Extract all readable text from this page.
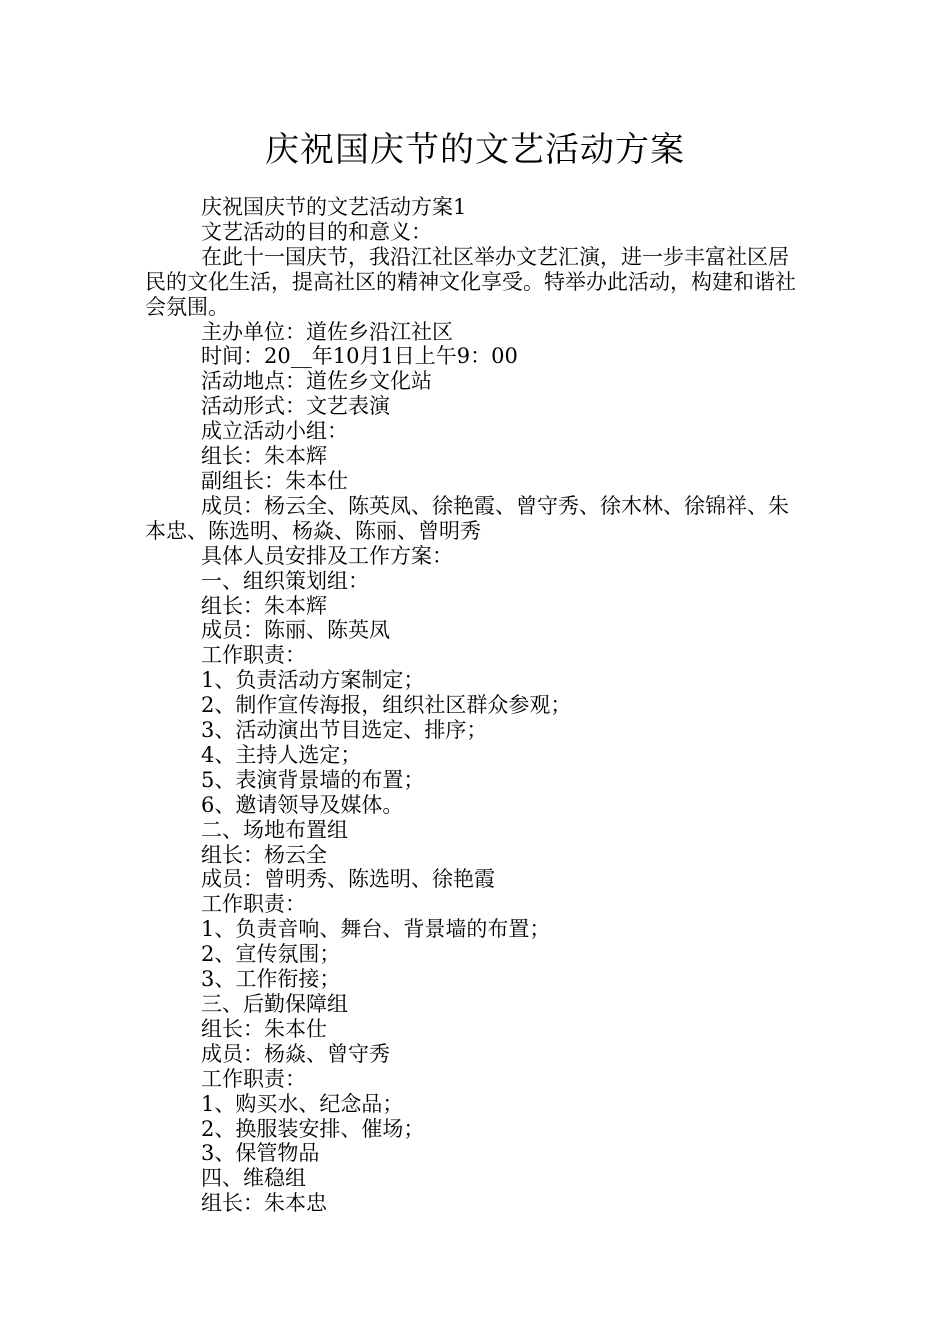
庆祝国庆节的文艺活动方案

庆祝国庆节的文艺活动方案1

文艺活动的目的和意义：

在此十一国庆节，我沿江社区举办文艺汇演，进一步丰富社区居民的文化生活，提高社区的精神文化享受。特举办此活动，构建和谐社会氛围。

主办单位：道佐乡沿江社区

时间：20__年10月1日上午9：00

活动地点：道佐乡文化站

活动形式：文艺表演

成立活动小组：

组长：朱本辉

副组长：朱本仕

成员：杨云全、陈英凤、徐艳霞、曾守秀、徐木林、徐锦祥、朱本忠、陈选明、杨焱、陈丽、曾明秀

具体人员安排及工作方案：

一、组织策划组：

组长：朱本辉

成员：陈丽、陈英凤

工作职责：

1、负责活动方案制定；

2、制作宣传海报，组织社区群众参观；

3、活动演出节目选定、排序；

4、主持人选定；

5、表演背景墙的布置；

6、邀请领导及媒体。

二、场地布置组

组长：杨云全

成员：曾明秀、陈选明、徐艳霞

工作职责：

1、负责音响、舞台、背景墙的布置；

2、宣传氛围；

3、工作衔接；

三、后勤保障组

组长：朱本仕

成员：杨焱、曾守秀

工作职责：

1、购买水、纪念品；

2、换服装安排、催场；

3、保管物品

四、维稳组

组长：朱本忠
